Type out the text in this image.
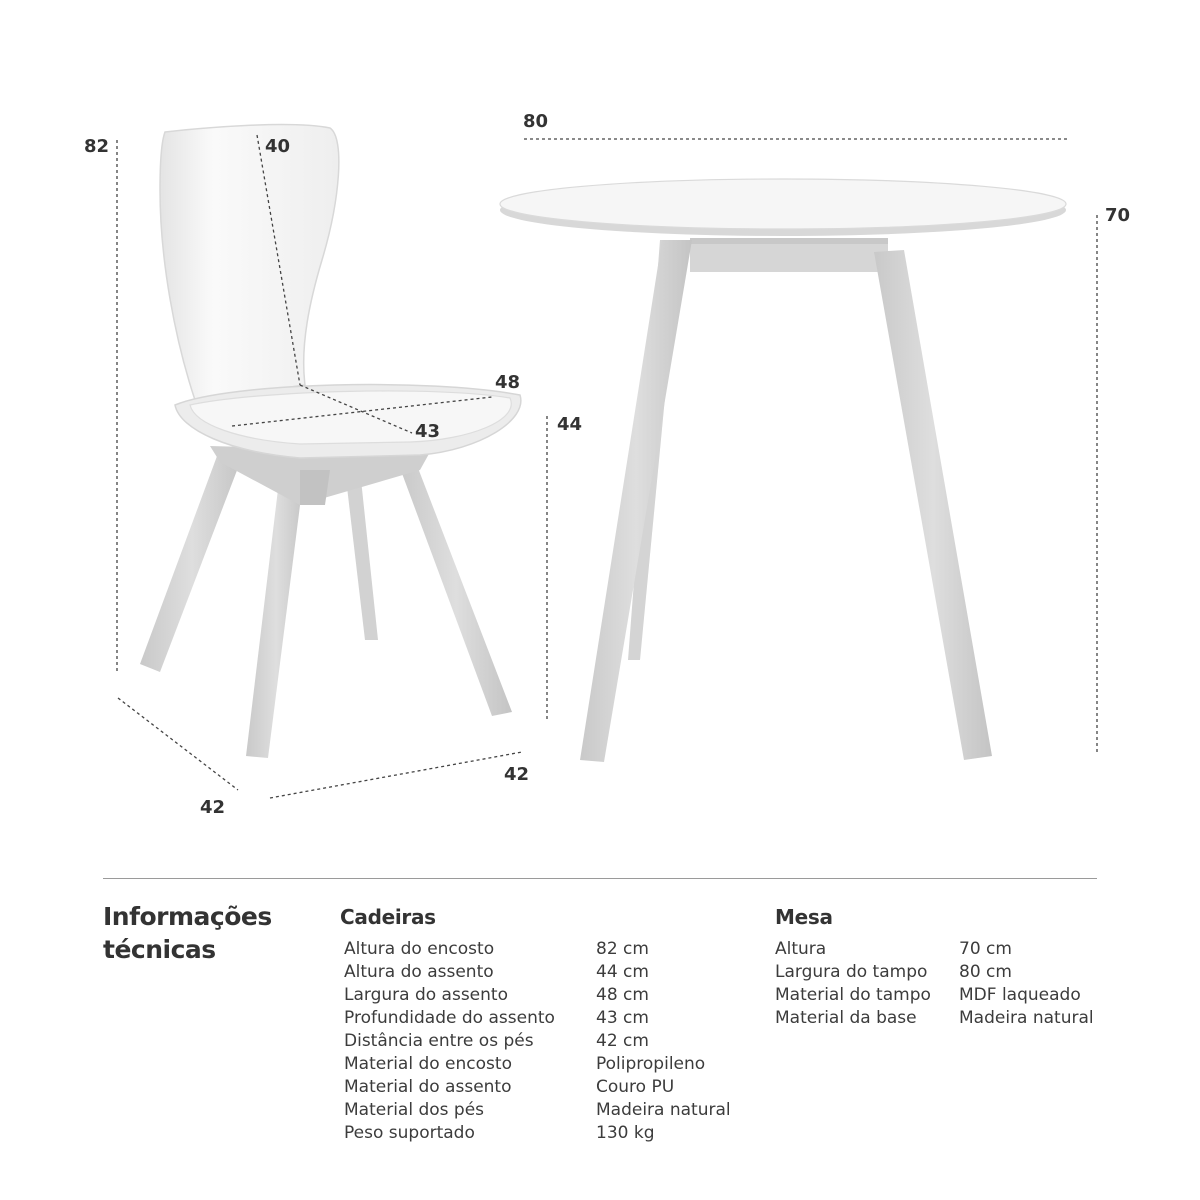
82	40
48
43	44
42
42
80
70
Informações
técnicas
Cadeiras
Altura do encosto	82 cm
Altura do assento	44 cm
Largura do assento	48 cm
Profundidade do assento 43 cm
Distância entre os pés	42 cm
Material do encosto	Polipropileno
Material do assento	Couro PU
Material dos pés	Madeira natural
Peso suportado	130 kg
Mesa
Altura	70 cm
Largura do tampo 80 cm
Material do tampo MDF laqueado
Material da base Madeira natural
